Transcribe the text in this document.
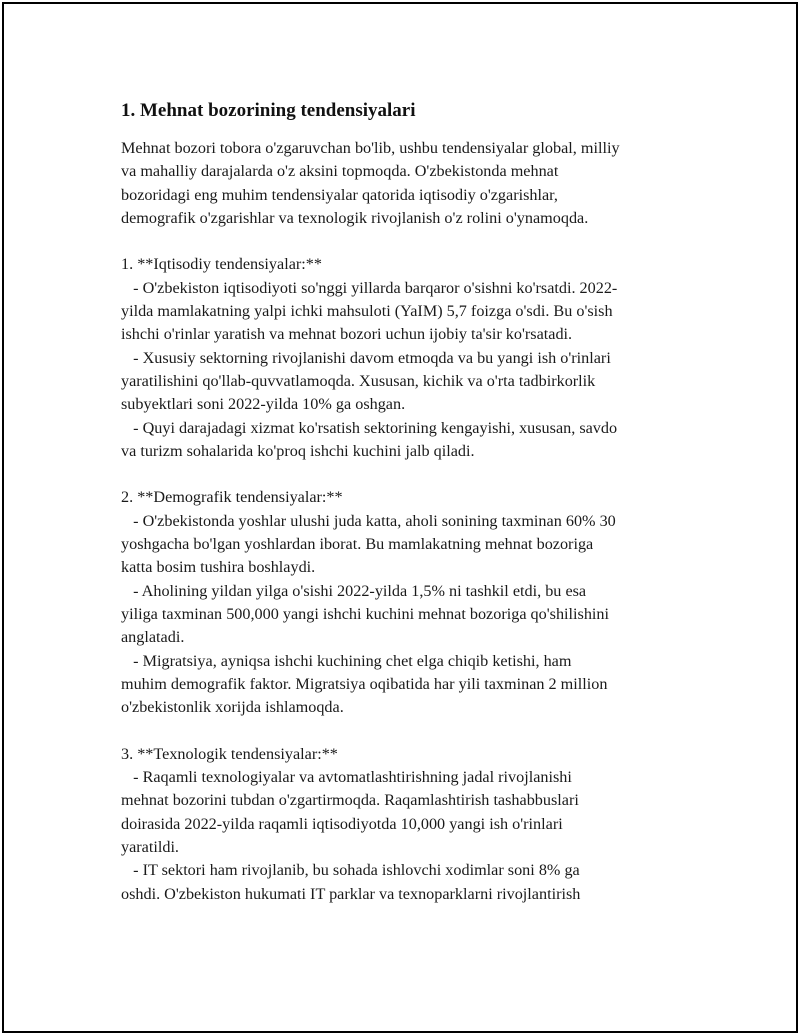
1. Mehnat bozorining tendensiyalari
Mehnat bozori tobora o'zgaruvchan bo'lib, ushbu tendensiyalar global, milliy
va mahalliy darajalarda o'z aksini topmoqda. O'zbekistonda mehnat
bozoridagi eng muhim tendensiyalar qatorida iqtisodiy o'zgarishlar,
demografik o'zgarishlar va texnologik rivojlanish o'z rolini o'ynamoqda.
1. **Iqtisodiy tendensiyalar:**
- O'zbekiston iqtisodiyoti so'nggi yillarda barqaror o'sishni ko'rsatdi. 2022-
yilda mamlakatning yalpi ichki mahsuloti (YaIM) 5,7 foizga o'sdi. Bu o'sish
ishchi o'rinlar yaratish va mehnat bozori uchun ijobiy ta'sir ko'rsatadi.
- Xususiy sektorning rivojlanishi davom etmoqda va bu yangi ish o'rinlari
yaratilishini qo'llab-quvvatlamoqda. Xususan, kichik va o'rta tadbirkorlik
subyektlari soni 2022-yilda 10% ga oshgan.
- Quyi darajadagi xizmat ko'rsatish sektorining kengayishi, xususan, savdo
va turizm sohalarida ko'proq ishchi kuchini jalb qiladi.
2. **Demografik tendensiyalar:**
- O'zbekistonda yoshlar ulushi juda katta, aholi sonining taxminan 60% 30
yoshgacha bo'lgan yoshlardan iborat. Bu mamlakatning mehnat bozoriga
katta bosim tushira boshlaydi.
- Aholining yildan yilga o'sishi 2022-yilda 1,5% ni tashkil etdi, bu esa
yiliga taxminan 500,000 yangi ishchi kuchini mehnat bozoriga qo'shilishini
anglatadi.
- Migratsiya, ayniqsa ishchi kuchining chet elga chiqib ketishi, ham
muhim demografik faktor. Migratsiya oqibatida har yili taxminan 2 million
o'zbekistonlik xorijda ishlamoqda.
3. **Texnologik tendensiyalar:**
- Raqamli texnologiyalar va avtomatlashtirishning jadal rivojlanishi
mehnat bozorini tubdan o'zgartirmoqda. Raqamlashtirish tashabbuslari
doirasida 2022-yilda raqamli iqtisodiyotda 10,000 yangi ish o'rinlari
yaratildi.
- IT sektori ham rivojlanib, bu sohada ishlovchi xodimlar soni 8% ga
oshdi. O'zbekiston hukumati IT parklar va texnoparklarni rivojlantirish
